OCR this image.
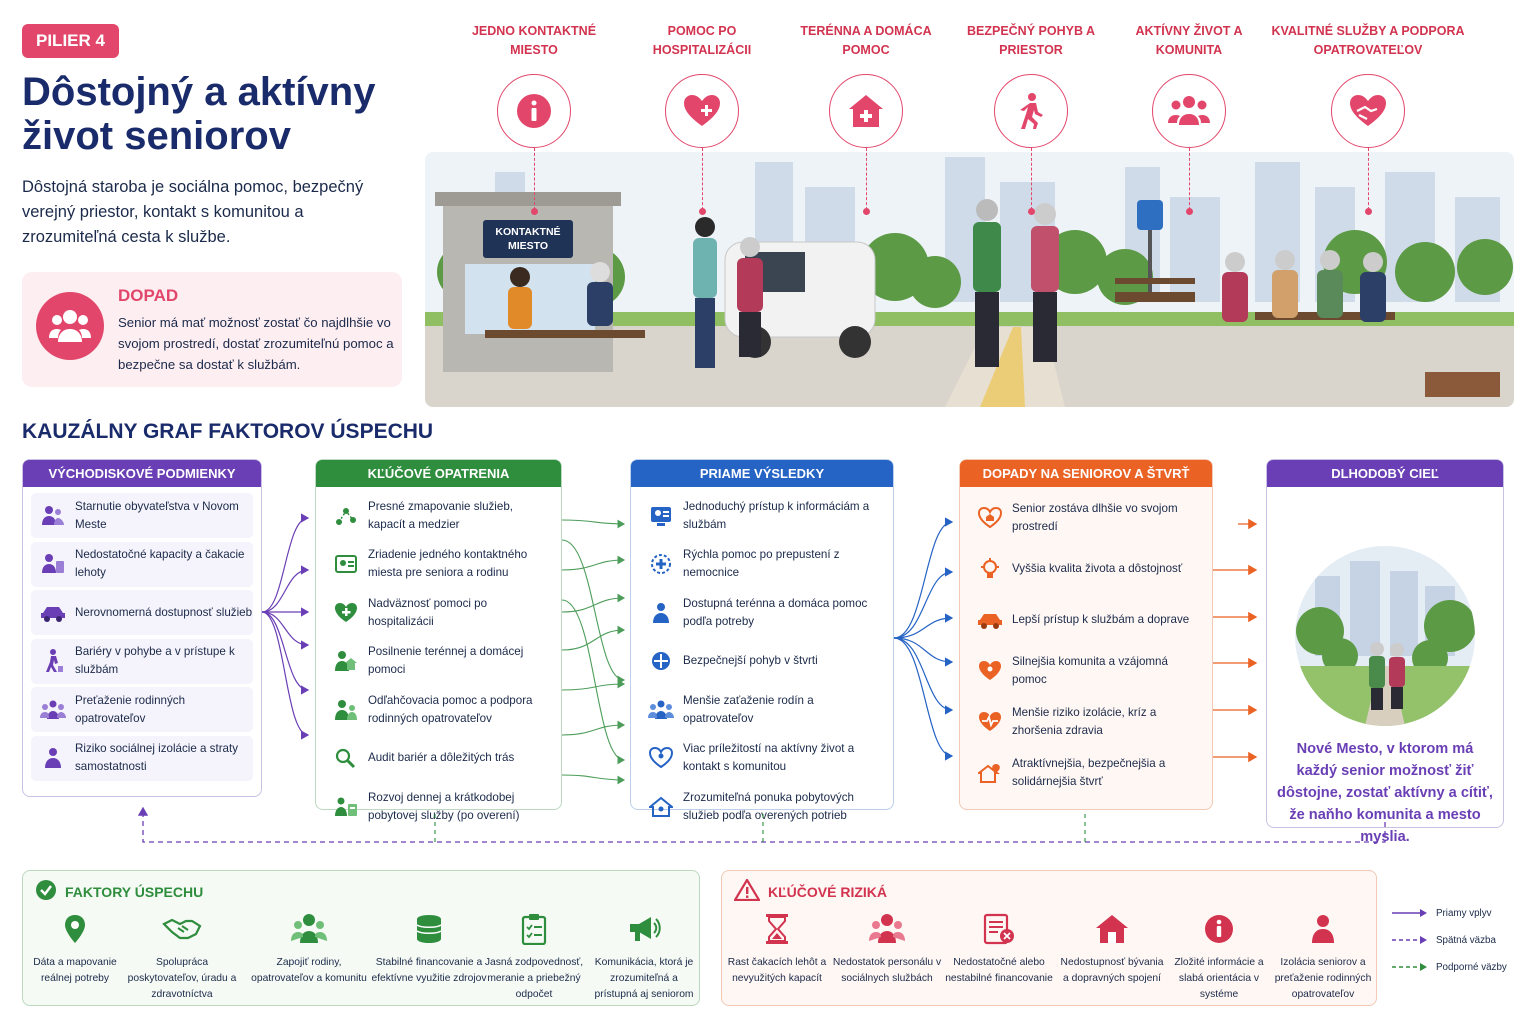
PILIER 4
Dôstojný a aktívny život seniorov

Dôstojná staroba je sociálna pomoc, bezpečný verejný priestor, kontakt s komunitou a zrozumiteľná cesta k službe.

DOPAD
Senior má mať možnosť zostať čo najdlhšie vo svojom prostredí, dostať zrozumiteľnú pomoc a bezpečne sa dostať k službám.
KONTAKTNÉ
MIESTO
JEDNO KONTAKTNÉ MIESTO
POMOC PO HOSPITALIZÁCII
TERÉNNA A DOMÁCA POMOC
BEZPEČNÝ POHYB A PRIESTOR
AKTÍVNY ŽIVOT A KOMUNITA
KVALITNÉ SLUŽBY A PODPORA OPATROVATEĽOV
KAUZÁLNY GRAF FAKTOROV ÚSPECHU
VÝCHODISKOVÉ PODMIENKY
Starnutie obyvateľstva v Novom Meste
Nedostatočné kapacity a čakacie lehoty
Nerovnomerná dostupnosť služieb
Bariéry v pohybe a v prístupe k službám
Preťaženie rodinných opatrovateľov
Riziko sociálnej izolácie a straty samostatnosti
KĽÚČOVÉ OPATRENIA
Presné zmapovanie služieb, kapacít a medzier
Zriadenie jedného kontaktného miesta pre seniora a rodinu
Nadväznosť pomoci po hospitalizácii
Posilnenie terénnej a domácej pomoci
Odľahčovacia pomoc a podpora rodinných opatrovateľov
Audit bariér a dôležitých trás
Rozvoj dennej a krátkodobej pobytovej služby (po overení)
PRIAME VÝSLEDKY
Jednoduchý prístup k informáciám a službám
Rýchla pomoc po prepustení z nemocnice
Dostupná terénna a domáca pomoc podľa potreby
Bezpečnejší pohyb v štvrti
Menšie zaťaženie rodín a opatrovateľov
Viac príležitostí na aktívny život a kontakt s komunitou
Zrozumiteľná ponuka pobytových služieb podľa overených potrieb
DOPADY NA SENIOROV A ŠTVRŤ
Senior zostáva dlhšie vo svojom prostredí
Vyššia kvalita života a dôstojnosť
Lepší prístup k službám a doprave
Silnejšia komunita a vzájomná pomoc
Menšie riziko izolácie, kríz a zhoršenia zdravia
Atraktívnejšia, bezpečnejšia a solidárnejšia štvrť
DLHODOBÝ CIEĽ
Nové Mesto, v ktorom má každý senior možnosť žiť dôstojne, zostať aktívny a cítiť, že naňho komunita a mesto myslia.
FAKTORY ÚSPECHU
Dáta a mapovanie reálnej potreby
Spolupráca poskytovateľov, úradu a zdravotníctva
Zapojiť rodiny, opatrovateľov a komunitu
Stabilné financovanie a efektívne využitie zdrojov
Jasná zodpovednosť, meranie a priebežný odpočet
Komunikácia, ktorá je zrozumiteľná a prístupná aj seniorom
KĽÚČOVÉ RIZIKÁ
Rast čakacích lehôt a nevyužitých kapacít
Nedostatok personálu v sociálnych službách
Nedostatočné alebo nestabilné financovanie
Nedostupnosť bývania a dopravných spojení
Zložité informácie a slabá orientácia v systéme
Izolácia seniorov a preťaženie rodinných opatrovateľov
Priamy vplyv
Spätná väzba
Podporné väzby
